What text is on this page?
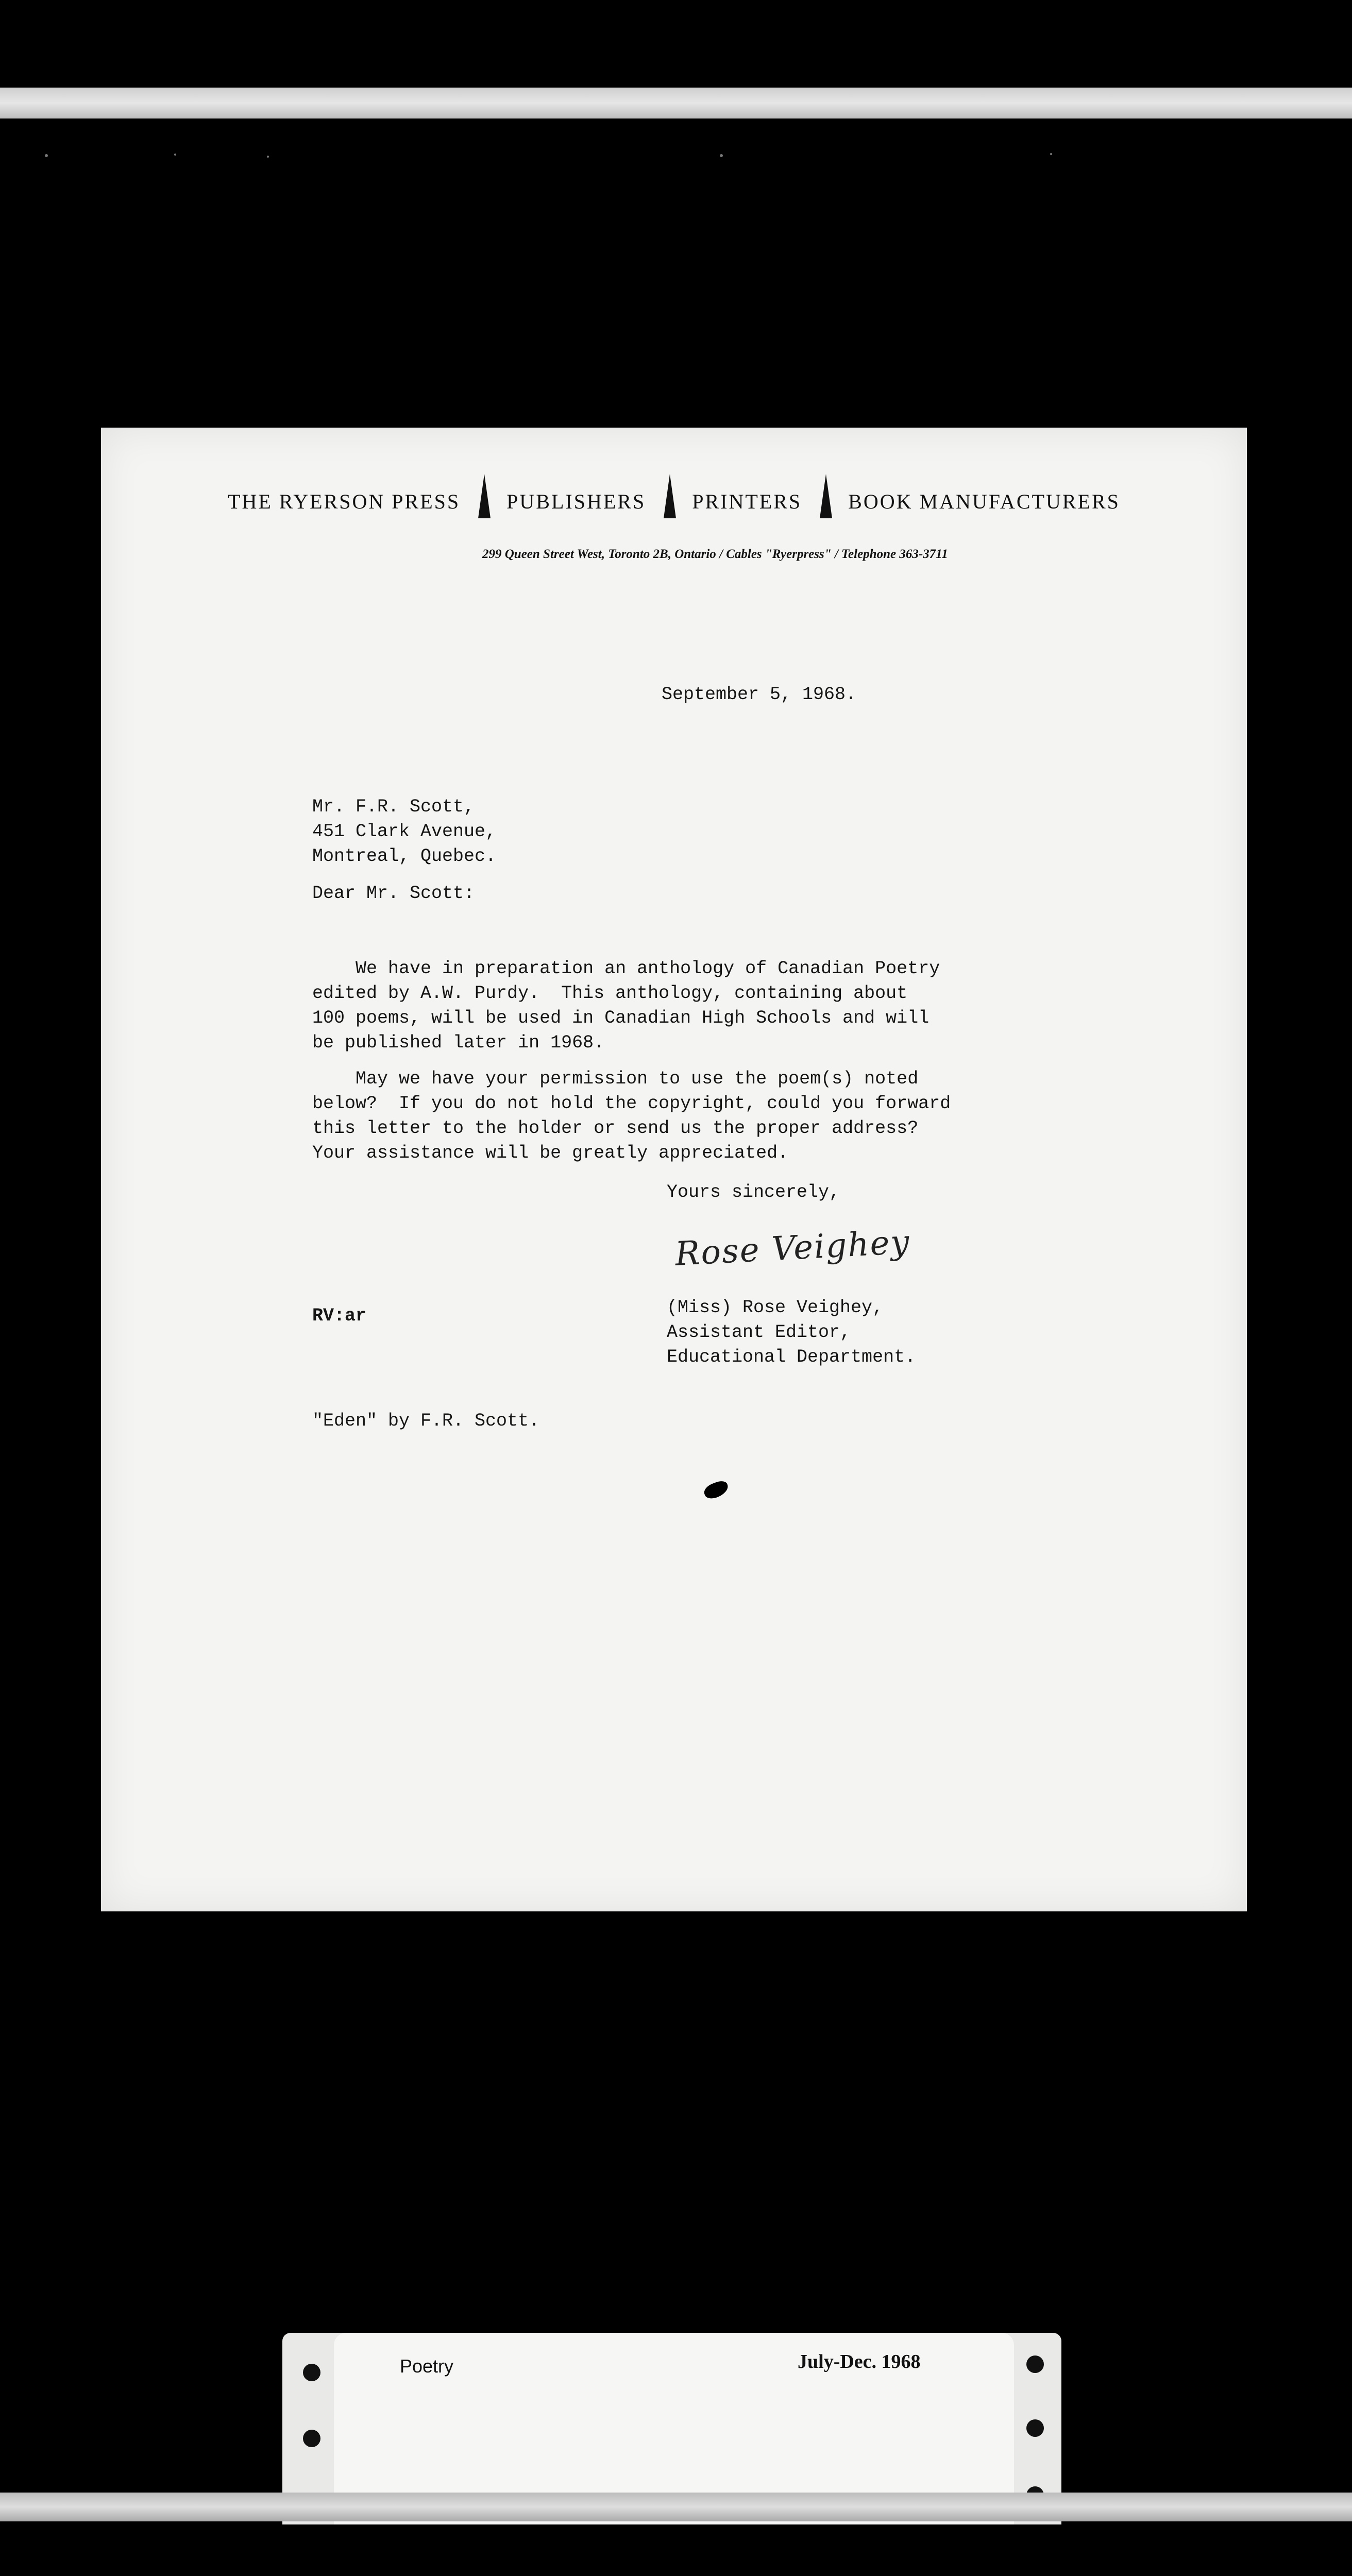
THE RYERSON PRESS PUBLISHERS PRINTERS BOOK MANUFACTURERS
299 Queen Street West, Toronto 2B, Ontario / Cables "Ryerpress" / Telephone 363-3711
September 5, 1968.
Mr. F.R. Scott,
451 Clark Avenue,
Montreal, Quebec.
Dear Mr. Scott:
We have in preparation an anthology of Canadian Poetry
edited by A.W. Purdy.  This anthology, containing about
100 poems, will be used in Canadian High Schools and will
be published later in 1968.
May we have your permission to use the poem(s) noted
below?  If you do not hold the copyright, could you forward
this letter to the holder or send us the proper address?
Your assistance will be greatly appreciated.
Yours sincerely,
Rose Veighey
(Miss) Rose Veighey,
Assistant Editor,
Educational Department.
RV:ar
"Eden" by F.R. Scott.
Poetry	July-Dec. 1968
